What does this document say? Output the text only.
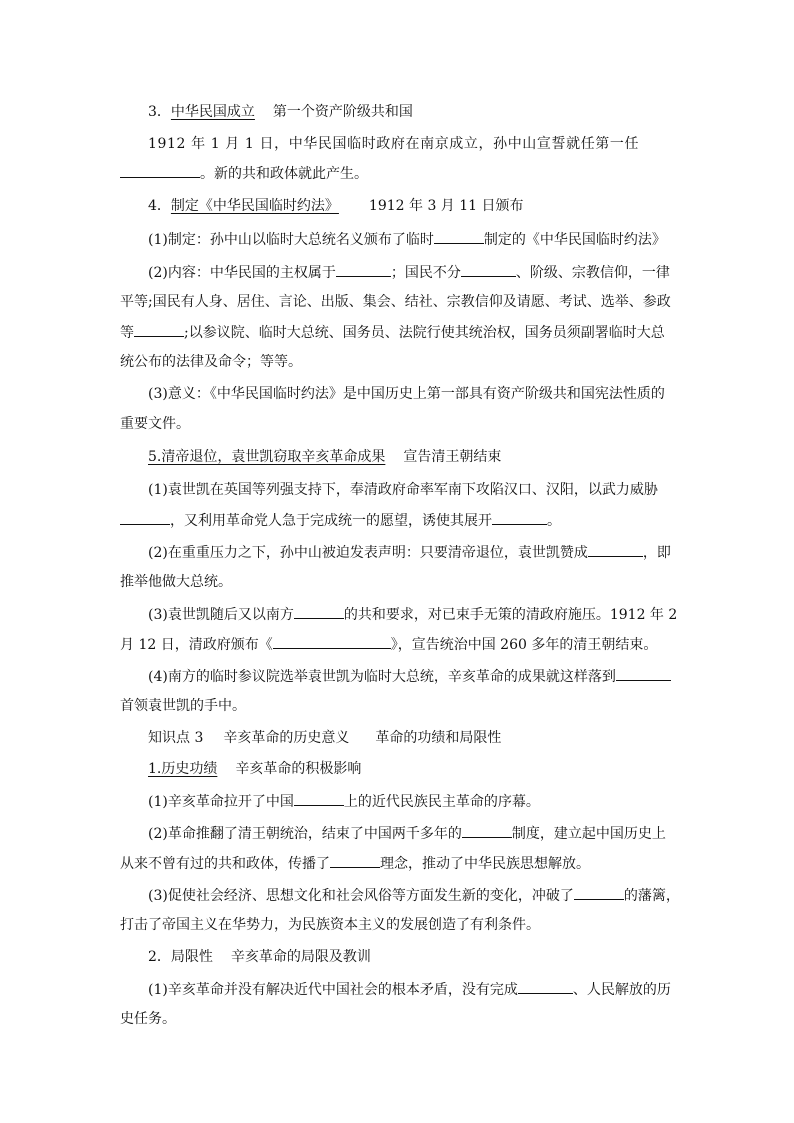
3．中华民国成立 第一个资产阶级共和国
1912 年 1 月 1 日，中华民国临时政府在南京成立，孙中山宣誓就任第一任
。新的共和政体就此产生。
4．制定《中华民国临时约法》 1912 年 3 月 11 日颁布
(1)制定：孙中山以临时大总统名义颁布了临时	制定的《中华民国临时约法》
(2)内容：中华民国的主权属于	；国民不分	、阶级、宗教信仰，一律
平等;国民有人身、居住、言论、出版、集会、结社、宗教信仰及请愿、考试、选举、参政
等	;以参议院、临时大总统、国务员、法院行使其统治权，国务员须副署临时大总
统公布的法律及命令；等等。
(3)意义：《中华民国临时约法》是中国历史上第一部具有资产阶级共和国宪法性质的
重要文件。
5.清帝退位，袁世凯窃取辛亥革命成果 宣告清王朝结束
(1)袁世凯在英国等列强支持下，奉清政府命率军南下攻陷汉口、汉阳，以武力威胁
，又利用革命党人急于完成统一的愿望，诱使其展开	。
(2)在重重压力之下，孙中山被迫发表声明：只要清帝退位，袁世凯赞成	，即
推举他做大总统。
(3)袁世凯随后又以南方	的共和要求，对已束手无策的清政府施压。1912 年 2
月 12 日，清政府颁布《	》，宣告统治中国 260 多年的清王朝结束。
(4)南方的临时参议院选举袁世凯为临时大总统，辛亥革命的成果就这样落到
首领袁世凯的手中。
知识点 3 辛亥革命的历史意义 革命的功绩和局限性
1.历史功绩 辛亥革命的积极影响
(1)辛亥革命拉开了中国	上的近代民族民主革命的序幕。
(2)革命推翻了清王朝统治，结束了中国两千多年的	制度，建立起中国历史上
从来不曾有过的共和政体，传播了	理念，推动了中华民族思想解放。
(3)促使社会经济、思想文化和社会风俗等方面发生新的变化，冲破了	的藩篱，
打击了帝国主义在华势力，为民族资本主义的发展创造了有利条件。
2．局限性 辛亥革命的局限及教训
(1)辛亥革命并没有解决近代中国社会的根本矛盾，没有完成	、人民解放的历
史任务。
